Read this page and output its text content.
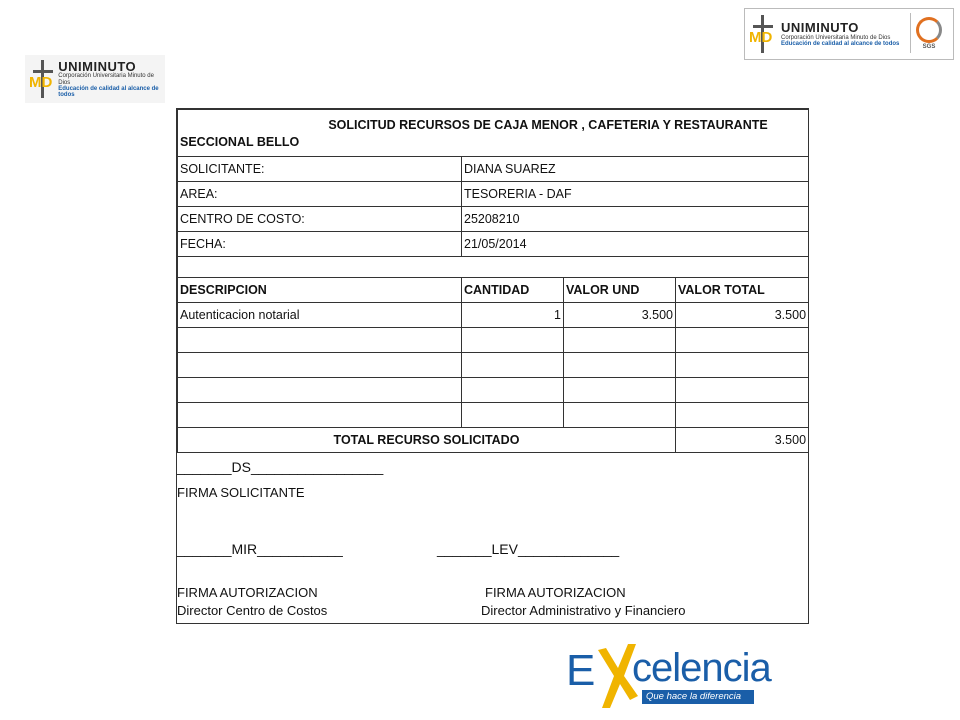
MD
UNIMINUTO
Corporación Universitaria Minuto de Dios
Educación de calidad al alcance de todos
MD
UNIMINUTO
Corporación Universitaria Minuto de Dios
Educación de calidad al alcance de todos	SGS
SOLICITUD RECURSOS DE CAJA MENOR , CAFETERIA Y RESTAURANTE
SECCIONAL BELLO			

SOLICITANTE:	DIANA SUAREZ		
AREA:	TESORERIA - DAF		
CENTRO DE COSTO:	25208210		
FECHA:	21/05/2014		

DESCRIPCION	CANTIDAD	VALOR UND	VALOR TOTAL
Autenticacion notarial	1	3.500	3.500

TOTAL RECURSO SOLICITADO			3.500
_______DS_________________
FIRMA SOLICITANTE
_______MIR___________	_______LEV_____________
FIRMA AUTORIZACION	FIRMA AUTORIZACION
Director Centro de Costos	Director Administrativo y Financiero
E celencia
Que hace la diferencia
